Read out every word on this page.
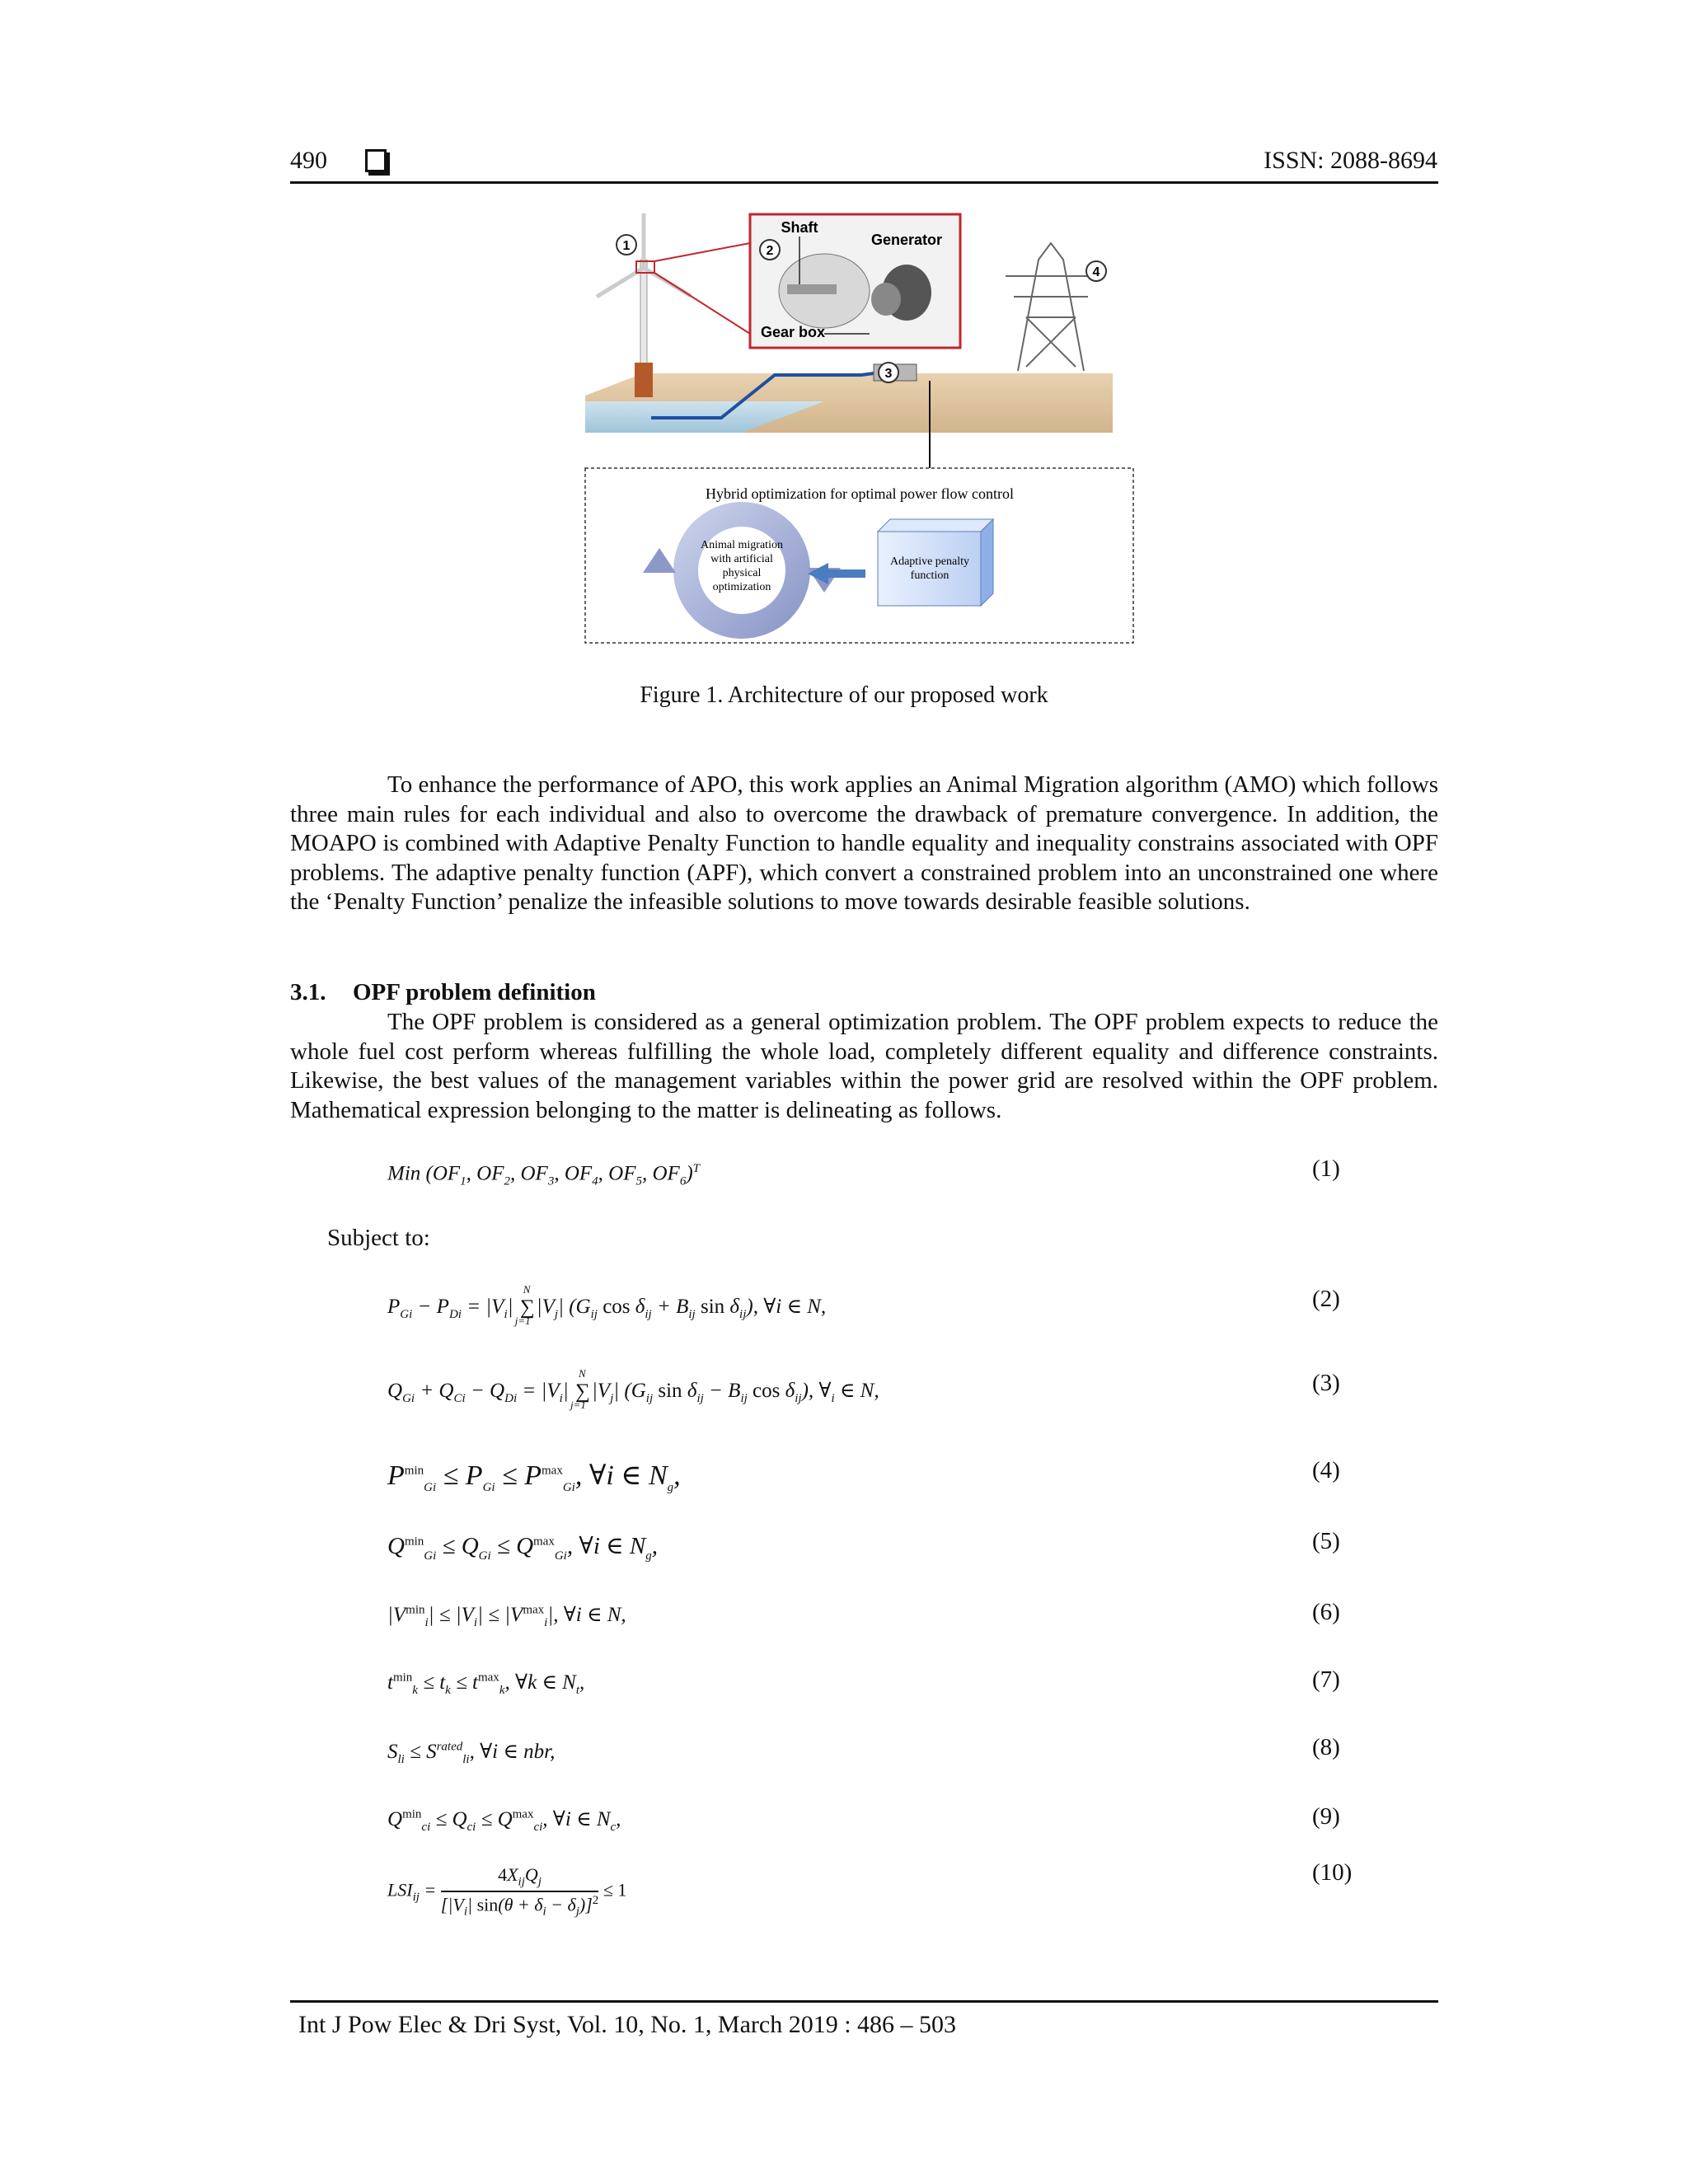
490	ISSN: 2088-8694
1	2
3
4
Shaft
Generator
Gear box
Hybrid optimization for optimal power flow control
Animal migration
with artificial
physical
optimization
Adaptive penalty
function
Figure 1. Architecture of our proposed work
To enhance the performance of APO, this work applies an Animal Migration algorithm (AMO) which follows three main rules for each individual and also to overcome the drawback of premature convergence. In addition, the MOAPO is combined with Adaptive Penalty Function to handle equality and inequality constrains associated with OPF problems. The adaptive penalty function (APF), which convert a constrained problem into an unconstrained one where the ‘Penalty Function’ penalize the infeasible solutions to move towards desirable feasible solutions.
3.1. OPF problem definition
The OPF problem is considered as a general optimization problem. The OPF problem expects to reduce the whole fuel cost perform whereas fulfilling the whole load, completely different equality and difference constraints. Likewise, the best values of the management variables within the power grid are resolved within the OPF problem. Mathematical expression belonging to the matter is delineating as follows.
Min ($OF_1$, $OF_2$, $OF_3$, $OF_4$, $OF_5$, $OF_6)^T$	(1)
Subject to:
$P_{Gi} - P_{Di} = |V_i|$
N
∑
j=1
$|V_j|$ ($G_{ij}$ $\cos \delta_{ij} + B_{ij}$ $\sin \delta_{ij}$), ∀i ∈ N,	(2)
$Q_{Gi} + Q_{Ci} - Q_{Di} = |V_i|$
N
∑
j=1
$|V_j|$ ($G_{ij}$ $\sin \delta_{ij} - B_{ij}$ $\cos \delta_{ij}$), $\forall_i$ ∈ N,	(3)
$P^{min}_{Gi} \le P_{Gi} \le P^{max}_{Gi}$, ∀i ∈ $N_g$,	(4)
$Q^{min}_{Gi} \le Q_{Gi} \le Q^{max}_{Gi}$, ∀i ∈ $N_g$,	(5)
$|V^{min}_i| \le |V_i| \le |V^{max}_i|$, ∀i ∈ N,	(6)
$t^{min}_k \le t_k \le t^{max}_k$, ∀k ∈ $N_t$,	(7)
$S_{li} \le S^{rated}_{li}$, ∀i ∈ nbr,	(8)
$Q^{min}_{ci} \le Q_{ci} \le Q^{max}_{ci}$, ∀i ∈ $N_c$,	(9)
$LSI_{ij} = \frac{4X_{ij}Q_j}{[|V_i| \sin(\theta + \delta_i - \delta_j)]^2} \le 1$
(10)
Int J Pow Elec & Dri Syst, Vol. 10, No. 1, March 2019 : 486 – 503
